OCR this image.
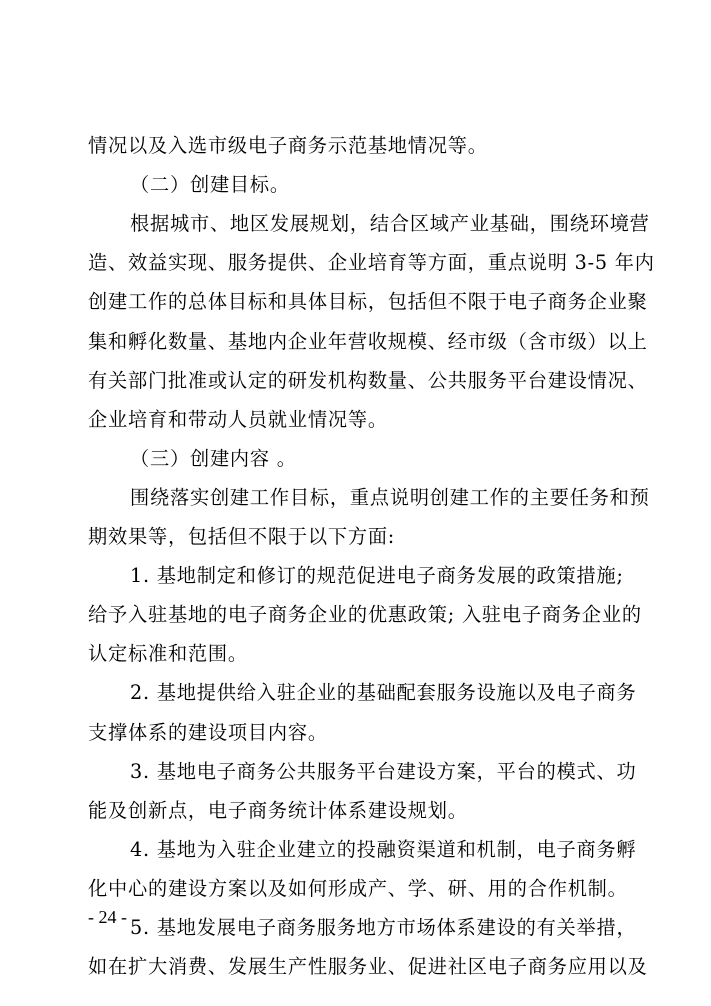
情况以及入选市级电子商务示范基地情况等。
（二）创建目标。
根据城市、地区发展规划，结合区域产业基础，围绕环境营
造、效益实现、服务提供、企业培育等方面，重点说明 3-5 年内
创建工作的总体目标和具体目标，包括但不限于电子商务企业聚
集和孵化数量、基地内企业年营收规模、经市级（含市级）以上
有关部门批准或认定的研发机构数量、公共服务平台建设情况、
企业培育和带动人员就业情况等。
（三）创建内容 。
围绕落实创建工作目标，重点说明创建工作的主要任务和预
期效果等，包括但不限于以下方面:
1. 基地制定和修订的规范促进电子商务发展的政策措施;
给予入驻基地的电子商务企业的优惠政策; 入驻电子商务企业的
认定标准和范围。
2. 基地提供给入驻企业的基础配套服务设施以及电子商务
支撑体系的建设项目内容。
3. 基地电子商务公共服务平台建设方案，平台的模式、功
能及创新点，电子商务统计体系建设规划。
4. 基地为入驻企业建立的投融资渠道和机制，电子商务孵
化中心的建设方案以及如何形成产、学、研、用的合作机制。
5. 基地发展电子商务服务地方市场体系建设的有关举措，
如在扩大消费、发展生产性服务业、促进社区电子商务应用以及
- 24 -
